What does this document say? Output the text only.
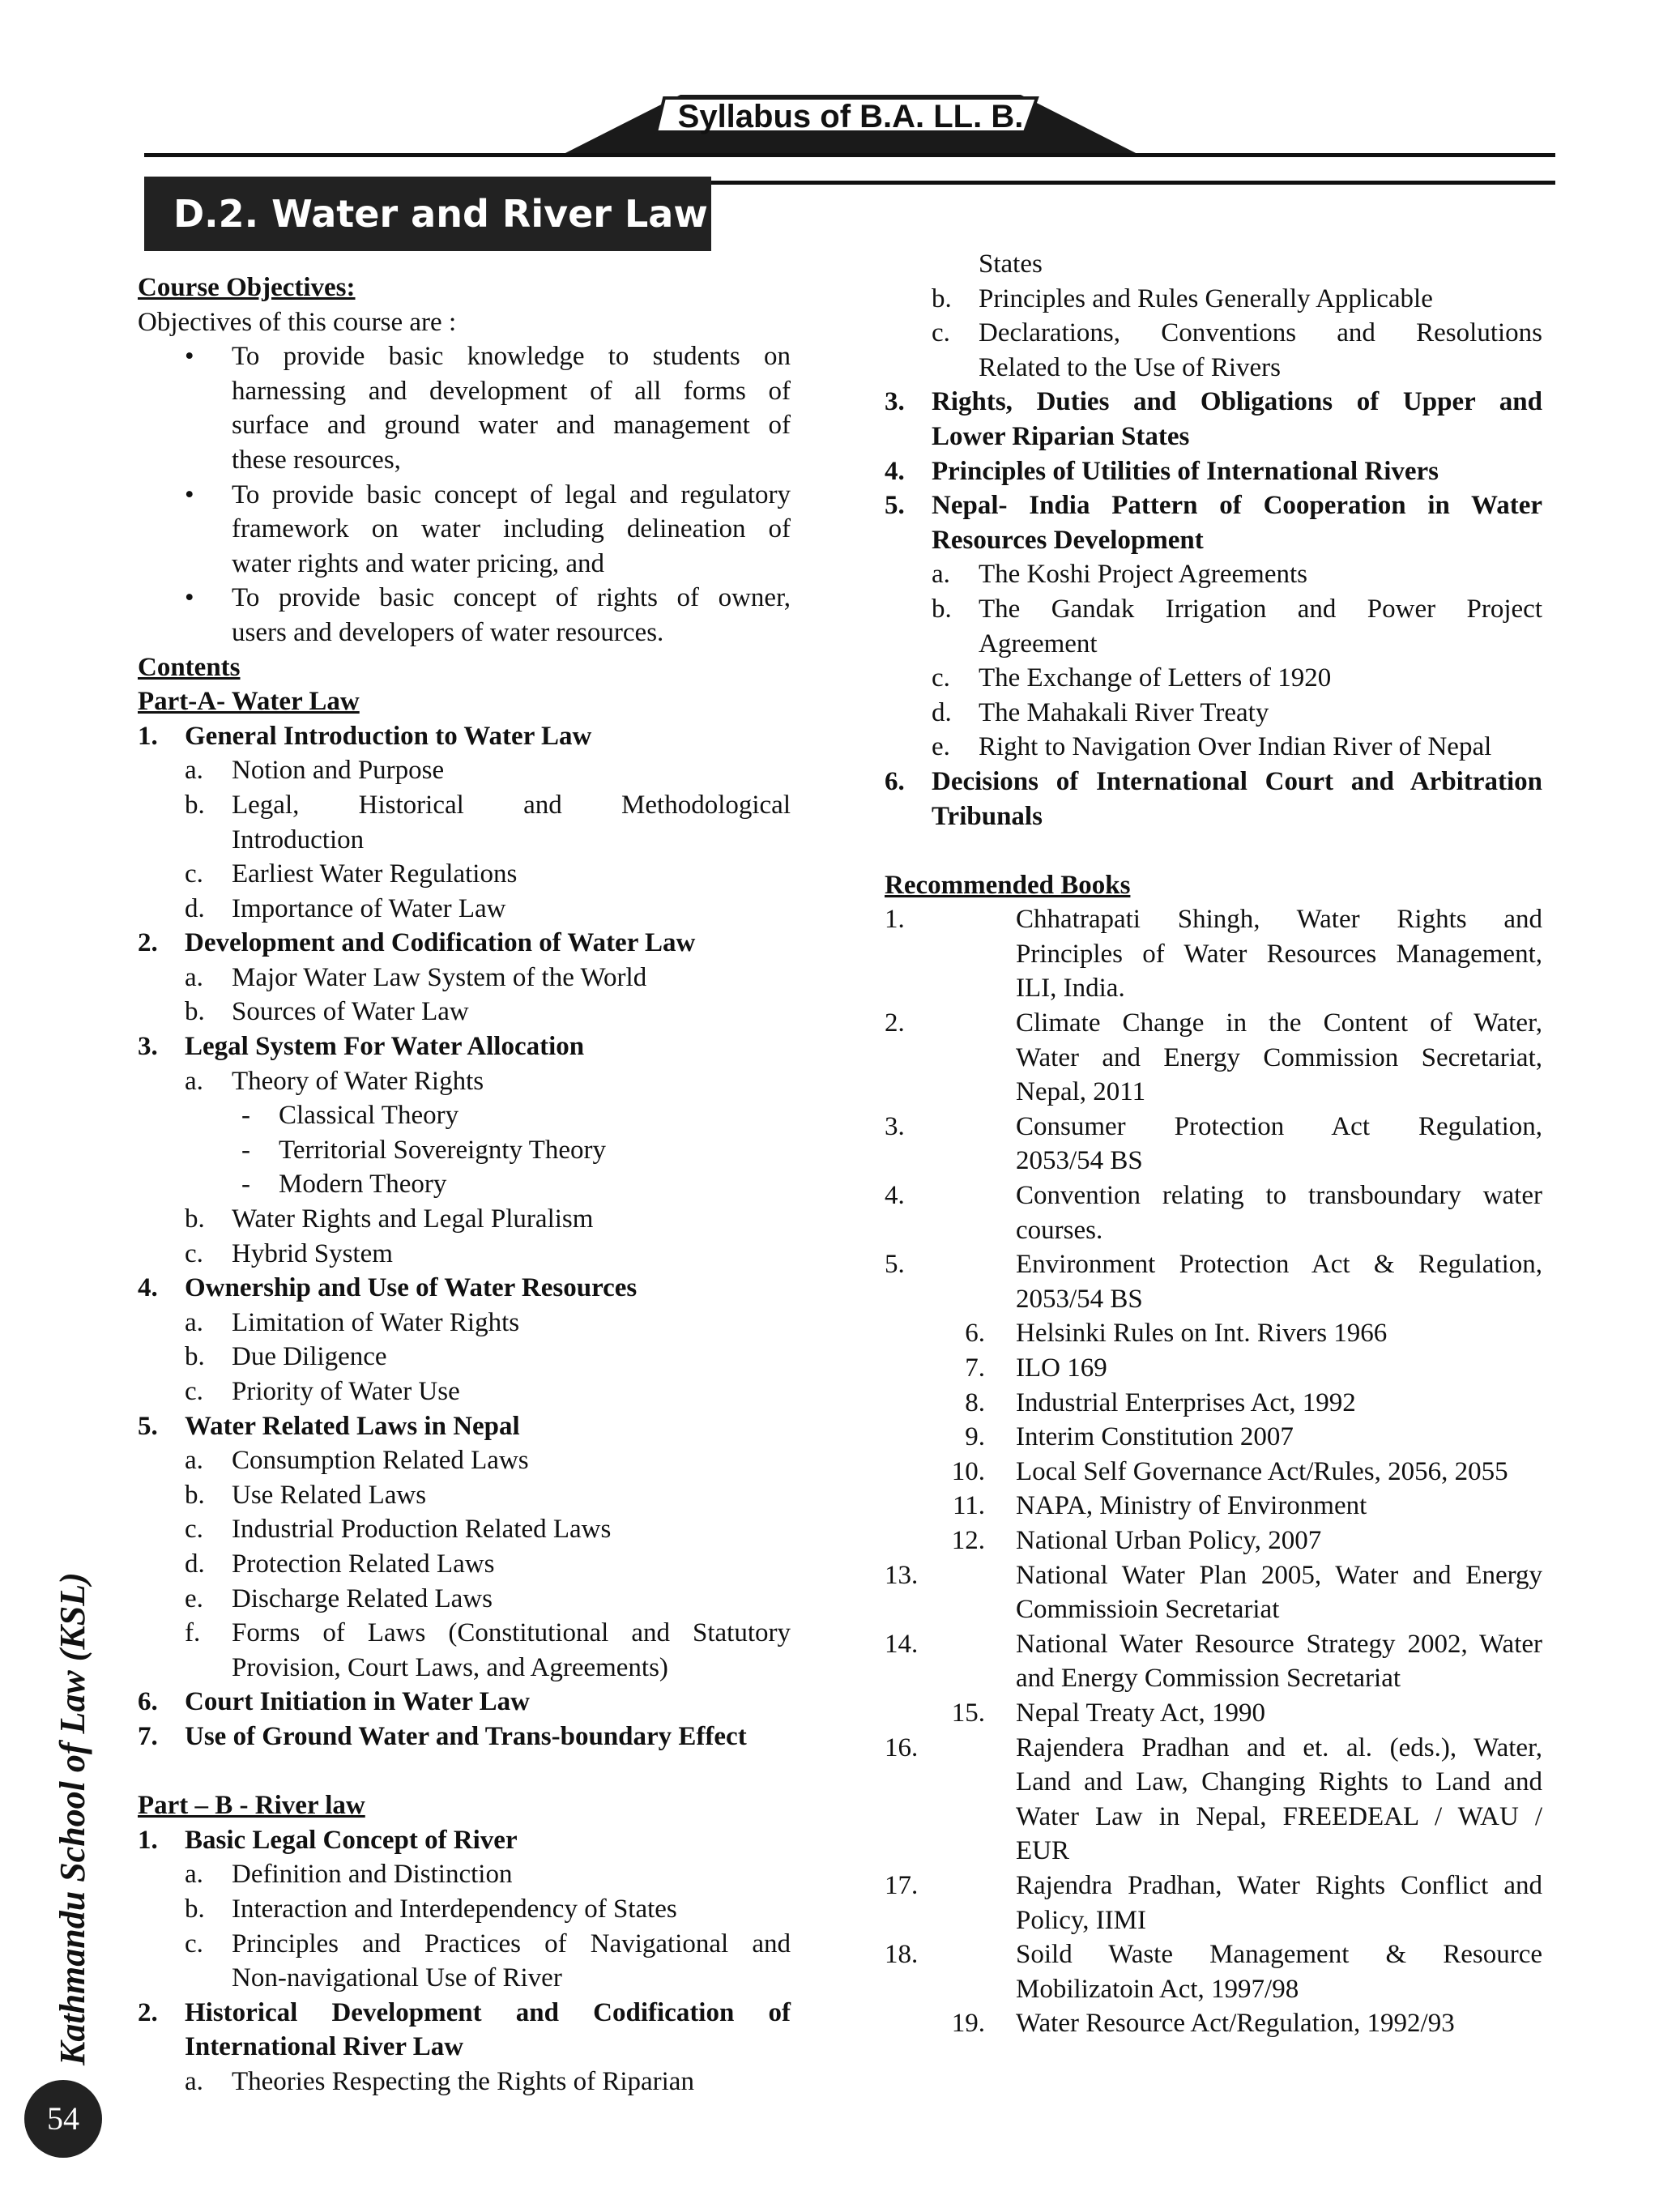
Syllabus of B.A. LL. B.
D.2. Water and River Law
Kathmandu School of Law (KSL)
54
Course Objectives:
Objectives of this course are :
• To provide basic knowledge to students on
harnessing and development of all forms of
surface and ground water and management of
these resources,
• To provide basic concept of legal and regulatory
framework on water including delineation of
water rights and water pricing, and
• To provide basic concept of rights of owner,
users and developers of water resources.
Contents
Part-A- Water Law
1. General Introduction to Water Law
a. Notion and Purpose
b. Legal, Historical and Methodological
Introduction
c. Earliest Water Regulations
d. Importance of Water Law
2. Development and Codification of Water Law
a. Major Water Law System of the World
b. Sources of Water Law
3. Legal System For Water Allocation
a. Theory of Water Rights
- Classical Theory
- Territorial Sovereignty Theory
- Modern Theory
b. Water Rights and Legal Pluralism
c. Hybrid System
4. Ownership and Use of Water Resources
a. Limitation of Water Rights
b. Due Diligence
c. Priority of Water Use
5. Water Related Laws in Nepal
a. Consumption Related Laws
b. Use Related Laws
c. Industrial Production Related Laws
d. Protection Related Laws
e. Discharge Related Laws
f. Forms of Laws (Constitutional and Statutory
Provision, Court Laws, and Agreements)
6. Court Initiation in Water Law
7. Use of Ground Water and Trans-boundary Effect
Part – B - River law
1. Basic Legal Concept of River
a. Definition and Distinction
b. Interaction and Interdependency of States
c. Principles and Practices of Navigational and
Non-navigational Use of River
2. Historical Development and Codification of
International River Law
a. Theories Respecting the Rights of Riparian
States
b. Principles and Rules Generally Applicable
c. Declarations, Conventions and Resolutions
Related to the Use of Rivers
3. Rights, Duties and Obligations of Upper and
Lower Riparian States
4. Principles of Utilities of International Rivers
5. Nepal- India Pattern of Cooperation in Water
Resources Development
a. The Koshi Project Agreements
b. The Gandak Irrigation and Power Project
Agreement
c. The Exchange of Letters of 1920
d. The Mahakali River Treaty
e. Right to Navigation Over Indian River of Nepal
6. Decisions of International Court and Arbitration
Tribunals
Recommended Books
1.	Chhatrapati Shingh, Water Rights and
Principles of Water Resources Management,
ILI, India.
2.	Climate Change in the Content of Water,
Water and Energy Commission Secretariat,
Nepal, 2011
3.	Consumer Protection Act Regulation,
2053/54 BS
4.	Convention relating to transboundary water
courses.
5.	Environment Protection Act & Regulation,
2053/54 BS
6. Helsinki Rules on Int. Rivers 1966
7. ILO 169
8. Industrial Enterprises Act, 1992
9. Interim Constitution 2007
10. Local Self Governance Act/Rules, 2056, 2055
11. NAPA, Ministry of Environment
12. National Urban Policy, 2007
13.	National Water Plan 2005, Water and Energy
Commissioin Secretariat
14.	National Water Resource Strategy 2002, Water
and Energy Commission Secretariat
15. Nepal Treaty Act, 1990
16.	Rajendera Pradhan and et. al. (eds.), Water,
Land and Law, Changing Rights to Land and
Water Law in Nepal, FREEDEAL / WAU /
EUR
17.	Rajendra Pradhan, Water Rights Conflict and
Policy, IIMI
18.	Soild Waste Management & Resource
Mobilizatoin Act, 1997/98
19. Water Resource Act/Regulation, 1992/93
